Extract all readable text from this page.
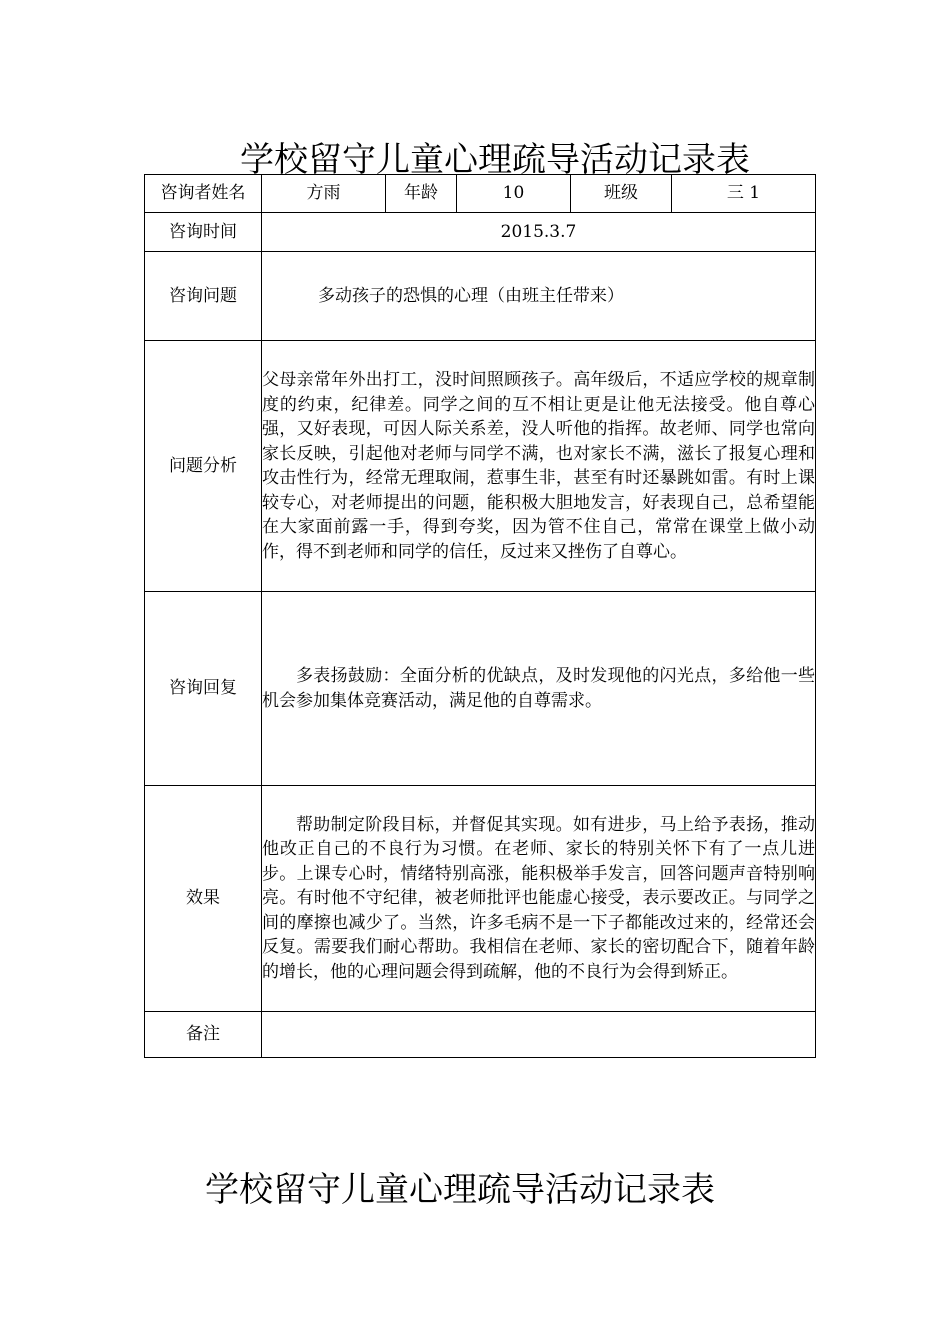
学校留守儿童心理疏导活动记录表
咨询者姓名	方雨	年龄	10	班级	三 1
咨询时间	2015.3.7				
咨询问题	多动孩子的恐惧的心理（由班主任带来）				

问题分析	父母亲常年外出打工，没时间照顾孩子。高年级后，不适应学校的规章制度的约束，纪律差。同学之间的互不相让更是让他无法接受。他自尊心强，又好表现，可因人际关系差，没人听他的指挥。故老师、同学也常向家长反映，引起他对老师与同学不满，也对家长不满，滋长了报复心理和攻击性行为，经常无理取闹，惹事生非，甚至有时还暴跳如雷。有时上课较专心，对老师提出的问题，能积极大胆地发言，好表现自己，总希望能在大家面前露一手，得到夸奖，因为管不住自己，常常在课堂上做小动作，得不到老师和同学的信任，反过来又挫伤了自尊心。				

咨询回复	多表扬鼓励：全面分析的优缺点，及时发现他的闪光点，多给他一些机会参加集体竞赛活动，满足他的自尊需求。				

效果	帮助制定阶段目标，并督促其实现。如有进步，马上给予表扬，推动他改正自己的不良行为习惯。在老师、家长的特别关怀下有了一点儿进步。上课专心时，情绪特别高涨，能积极举手发言，回答问题声音特别响亮。有时他不守纪律，被老师批评也能虚心接受，表示要改正。与同学之间的摩擦也减少了。当然，许多毛病不是一下子都能改过来的，经常还会反复。需要我们耐心帮助。我相信在老师、家长的密切配合下，随着年龄的增长，他的心理问题会得到疏解，他的不良行为会得到矫正。				

备注					
学校留守儿童心理疏导活动记录表
